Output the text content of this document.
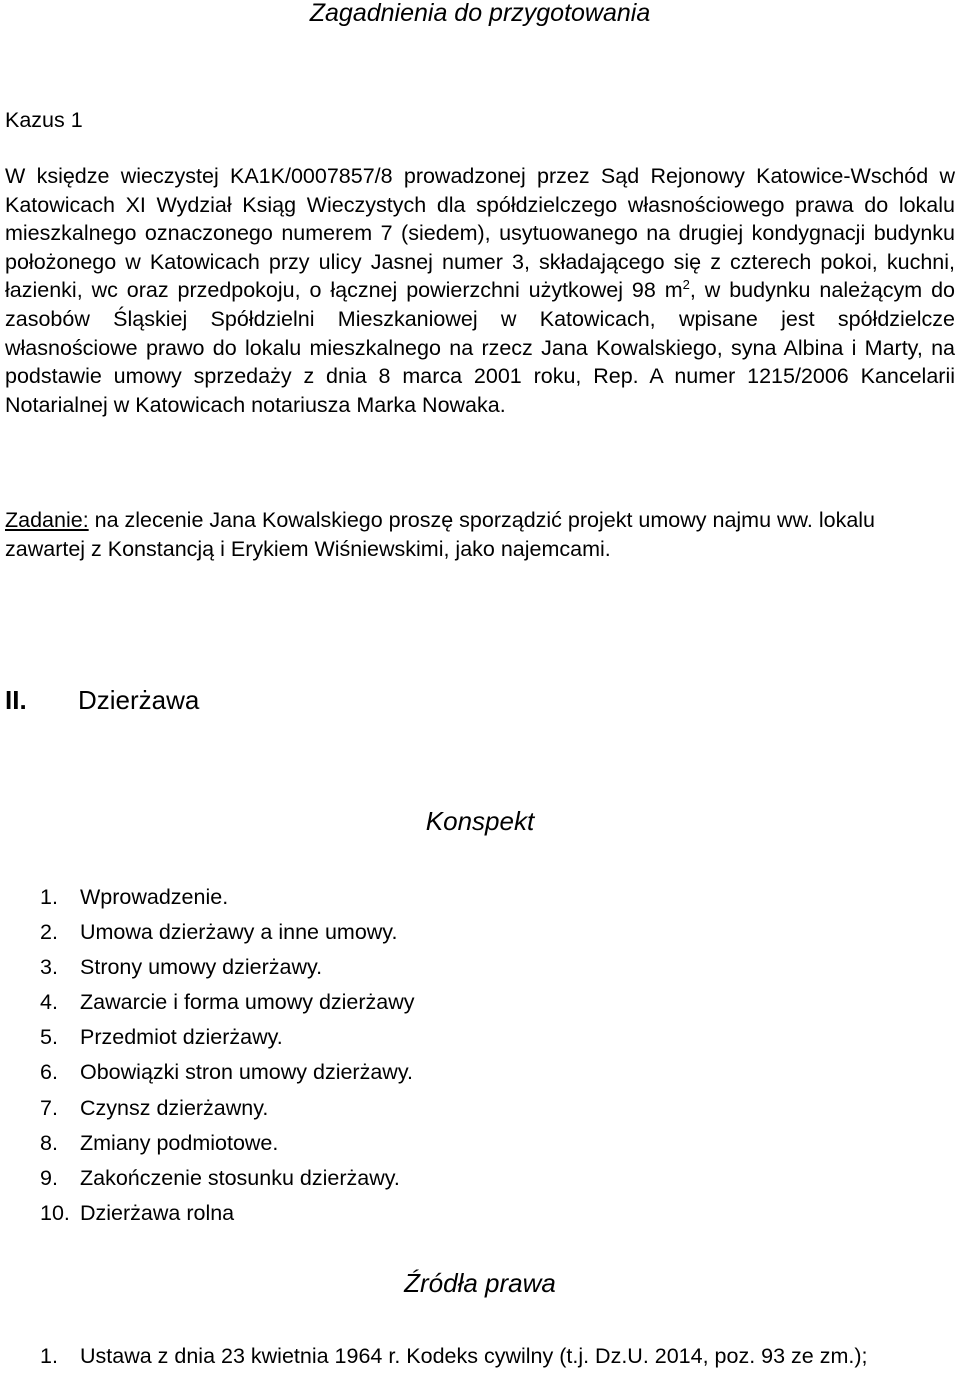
Zagadnienia do przygotowania
Kazus 1

W księdze wieczystej KA1K/0007857/8 prowadzonej przez Sąd Rejonowy Katowice-Wschód w Katowicach XI Wydział Ksiąg Wieczystych dla spółdzielczego własnościowego prawa do lokalu mieszkalnego oznaczonego numerem 7 (siedem), usytuowanego na drugiej kondygnacji budynku położonego w Katowicach przy ulicy Jasnej numer 3, składającego się z czterech pokoi, kuchni, łazienki, wc oraz przedpokoju, o łącznej powierzchni użytkowej 98 $m^2$, w budynku należącym do zasobów Śląskiej Spółdzielni Mieszkaniowej w Katowicach, wpisane jest spółdzielcze własnościowe prawo do lokalu mieszkalnego na rzecz Jana Kowalskiego, syna Albina i Marty, na podstawie umowy sprzedaży z dnia 8 marca 2001 roku, Rep. A numer 1215/2006 Kancelarii Notarialnej w Katowicach notariusza Marka Nowaka.

Zadanie: na zlecenie Jana Kowalskiego proszę sporządzić projekt umowy najmu ww. lokalu zawartej z Konstancją i Erykiem Wiśniewskimi, jako najemcami.

II. Dzierżawa
Konspekt
1. Wprowadzenie.
2. Umowa dzierżawy a inne umowy.
3. Strony umowy dzierżawy.
4. Zawarcie i forma umowy dzierżawy
5. Przedmiot dzierżawy.
6. Obowiązki stron umowy dzierżawy.
7. Czynsz dzierżawny.
8. Zmiany podmiotowe.
9. Zakończenie stosunku dzierżawy.
10. Dzierżawa rolna
Źródła prawa
1. Ustawa z dnia 23 kwietnia 1964 r. Kodeks cywilny (t.j. Dz.U. 2014, poz. 93 ze zm.);
